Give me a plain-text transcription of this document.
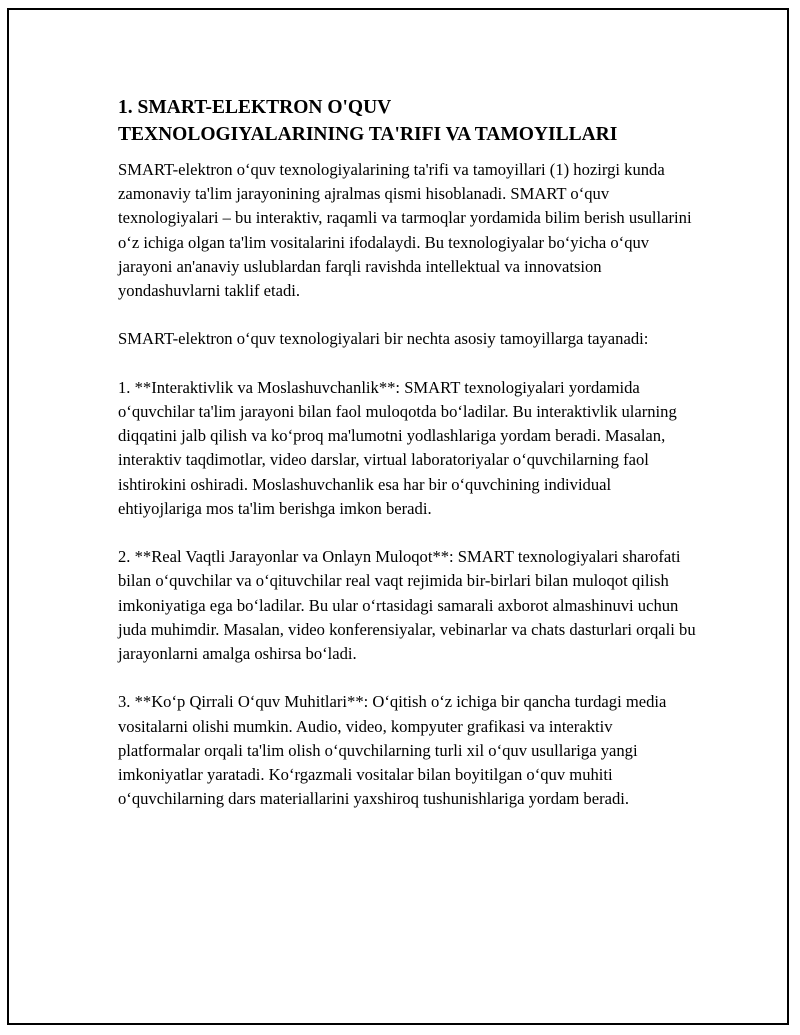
1. SMART-ELEKTRON O'QUV
TEXNOLOGIYALARINING TA'RIFI VA TAMOYILLARI

SMART-elektron oʻquv texnologiyalarining ta'rifi va tamoyillari (1) hozirgi kunda zamonaviy ta'lim jarayonining ajralmas qismi hisoblanadi. SMART oʻquv texnologiyalari – bu interaktiv, raqamli va tarmoqlar yordamida bilim berish usullarini oʻz ichiga olgan ta'lim vositalarini ifodalaydi. Bu texnologiyalar boʻyicha oʻquv jarayoni an'anaviy uslublardan farqli ravishda intellektual va innovatsion yondashuvlarni taklif etadi.

SMART-elektron oʻquv texnologiyalari bir nechta asosiy tamoyillarga tayanadi:

1. **Interaktivlik va Moslashuvchanlik**: SMART texnologiyalari yordamida oʻquvchilar ta'lim jarayoni bilan faol muloqotda boʻladilar. Bu interaktivlik ularning diqqatini jalb qilish va koʻproq ma'lumotni yodlashlariga yordam beradi. Masalan, interaktiv taqdimotlar, video darslar, virtual laboratoriyalar oʻquvchilarning faol ishtirokini oshiradi. Moslashuvchanlik esa har bir oʻquvchining individual ehtiyojlariga mos ta'lim berishga imkon beradi.

2. **Real Vaqtli Jarayonlar va Onlayn Muloqot**: SMART texnologiyalari sharofati bilan oʻquvchilar va oʻqituvchilar real vaqt rejimida bir-birlari bilan muloqot qilish imkoniyatiga ega boʻladilar. Bu ular oʻrtasidagi samarali axborot almashinuvi uchun juda muhimdir. Masalan, video konferensiyalar, vebinarlar va chats dasturlari orqali bu jarayonlarni amalga oshirsa boʻladi.

3. **Koʻp Qirrali Oʻquv Muhitlari**: Oʻqitish oʻz ichiga bir qancha turdagi media vositalarni olishi mumkin. Audio, video, kompyuter grafikasi va interaktiv platformalar orqali ta'lim olish oʻquvchilarning turli xil oʻquv usullariga yangi imkoniyatlar yaratadi. Koʻrgazmali vositalar bilan boyitilgan oʻquv muhiti oʻquvchilarning dars materiallarini yaxshiroq tushunishlariga yordam beradi.
